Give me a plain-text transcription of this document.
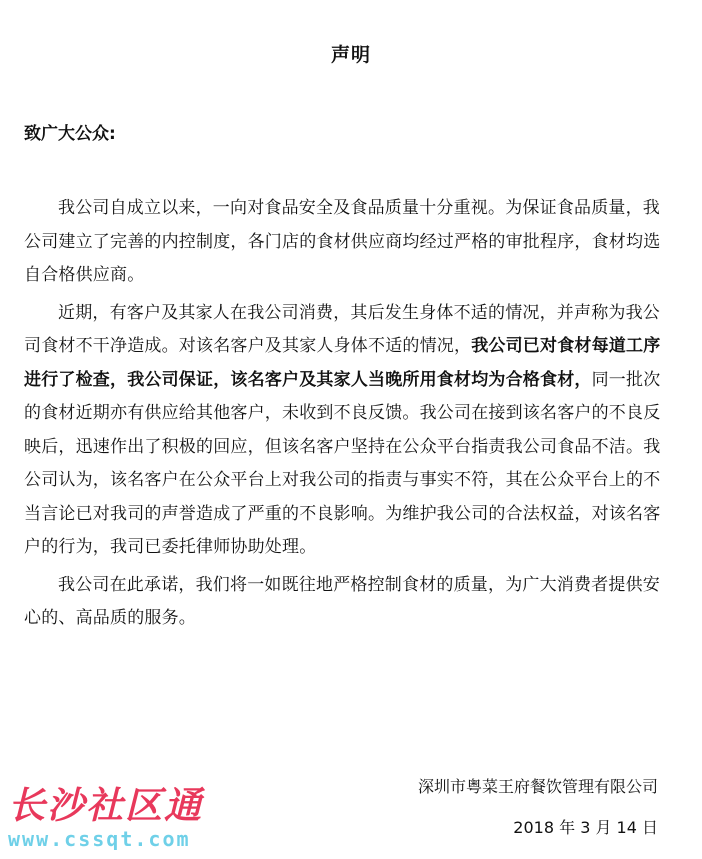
声明
致广大公众:

我公司自成立以来，一向对食品安全及食品质量十分重视。为保证食品质量，我公司建立了完善的内控制度，各门店的食材供应商均经过严格的审批程序，食材均选自合格供应商。

近期，有客户及其家人在我公司消费，其后发生身体不适的情况，并声称为我公司食材不干净造成。对该名客户及其家人身体不适的情况，我公司已对食材每道工序进行了检查，我公司保证，该名客户及其家人当晚所用食材均为合格食材，同一批次的食材近期亦有供应给其他客户，未收到不良反馈。我公司在接到该名客户的不良反映后，迅速作出了积极的回应，但该名客户坚持在公众平台指责我公司食品不洁。我公司认为，该名客户在公众平台上对我公司的指责与事实不符，其在公众平台上的不当言论已对我司的声誉造成了严重的不良影响。为维护我公司的合法权益，对该名客户的行为，我司已委托律师协助处理。

我公司在此承诺，我们将一如既往地严格控制食材的质量，为广大消费者提供安心的、高品质的服务。

长沙社区通
www.cssqt.com
深圳市粤菜王府餐饮管理有限公司
2018 年 3 月 14 日
